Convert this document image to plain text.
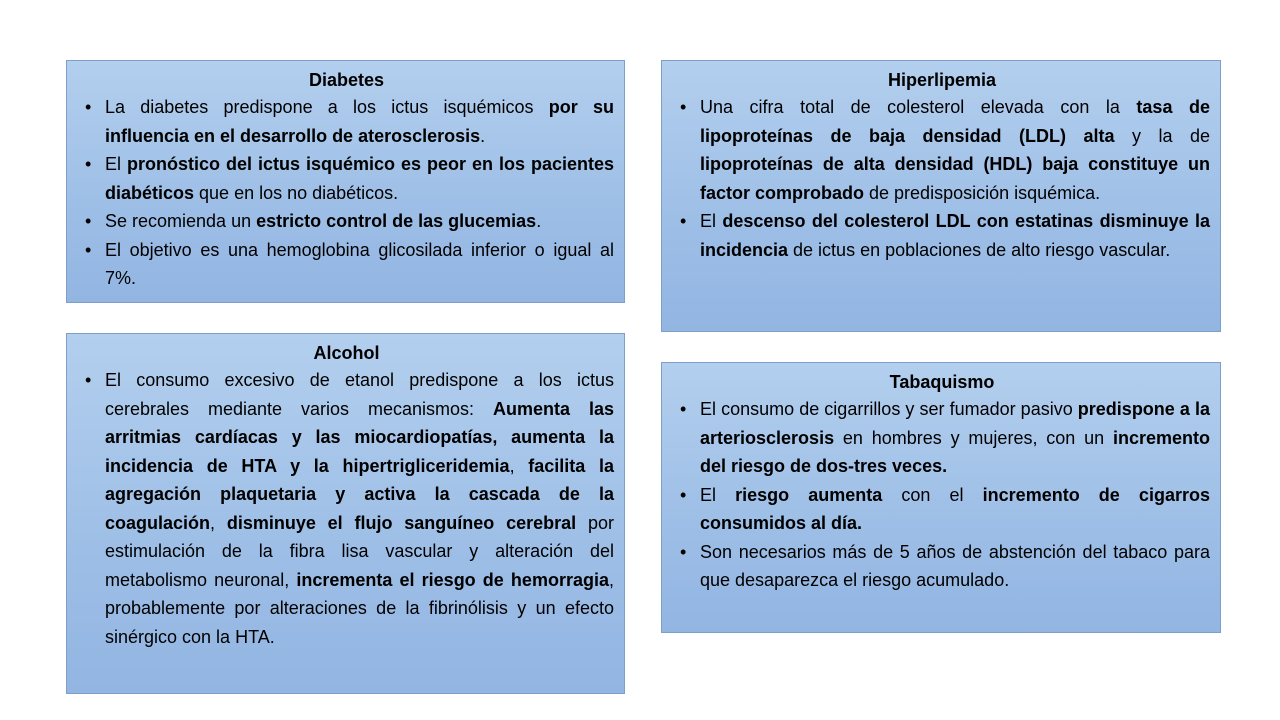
Diabetes
• La diabetes predispone a los ictus isquémicos por su influencia en el desarrollo de aterosclerosis.
• El pronóstico del ictus isquémico es peor en los pacientes diabéticos que en los no diabéticos.
• Se recomienda un estricto control de las glucemias.
• El objetivo es una hemoglobina glicosilada inferior o igual al 7%.
Hiperlipemia
• Una cifra total de colesterol elevada con la tasa de lipoproteínas de baja densidad (LDL) alta y la de lipoproteínas de alta densidad (HDL) baja constituye un factor comprobado de predisposición isquémica.
• El descenso del colesterol LDL con estatinas disminuye la incidencia de ictus en poblaciones de alto riesgo vascular.
Alcohol
• El consumo excesivo de etanol predispone a los ictus cerebrales mediante varios mecanismos: Aumenta las arritmias cardíacas y las miocardiopatías, aumenta la incidencia de HTA y la hipertrigliceridemia, facilita la agregación plaquetaria y activa la cascada de la coagulación, disminuye el flujo sanguíneo cerebral por estimulación de la fibra lisa vascular y alteración del metabolismo neuronal, incrementa el riesgo de hemorragia, probablemente por alteraciones de la fibrinólisis y un efecto sinérgico con la HTA.
Tabaquismo
• El consumo de cigarrillos y ser fumador pasivo predispone a la arteriosclerosis en hombres y mujeres, con un incremento del riesgo de dos-tres veces.
• El riesgo aumenta con el incremento de cigarros consumidos al día.
• Son necesarios más de 5 años de abstención del tabaco para que desaparezca el riesgo acumulado.
